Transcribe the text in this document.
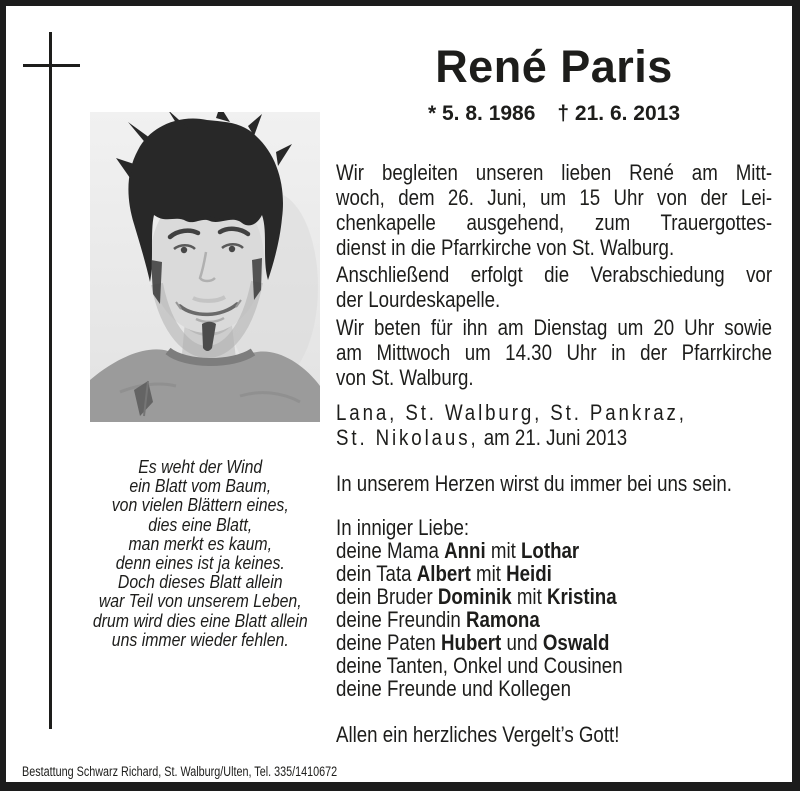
Es weht der Wind
ein Blatt vom Baum,
von vielen Blättern eines,
dies eine Blatt,
man merkt es kaum,
denn eines ist ja keines.
Doch dieses Blatt allein
war Teil von unserem Leben,
drum wird dies eine Blatt allein
uns immer wieder fehlen.
René Paris
* 5. 8. 1986 † 21. 6. 2013
Wir begleiten unseren lieben René am Mitt-
woch, dem 26. Juni, um 15 Uhr von der Lei-
chenkapelle ausgehend, zum Trauergottes-
dienst in die Pfarrkirche von St. Walburg.
Anschließend erfolgt die Verabschiedung vor
der Lourdeskapelle.
Wir beten für ihn am Dienstag um 20 Uhr sowie
am Mittwoch um 14.30 Uhr in der Pfarrkirche
von St. Walburg.
Lana, St. Walburg, St. Pankraz,
St. Nikolaus, am 21. Juni 2013
In unserem Herzen wirst du immer bei uns sein.
In inniger Liebe:
deine Mama Anni mit Lothar
dein Tata Albert mit Heidi
dein Bruder Dominik mit Kristina
deine Freundin Ramona
deine Paten Hubert und Oswald
deine Tanten, Onkel und Cousinen
deine Freunde und Kollegen
Allen ein herzliches Vergelt’s Gott!
Bestattung Schwarz Richard, St. Walburg/Ulten, Tel. 335/1410672
